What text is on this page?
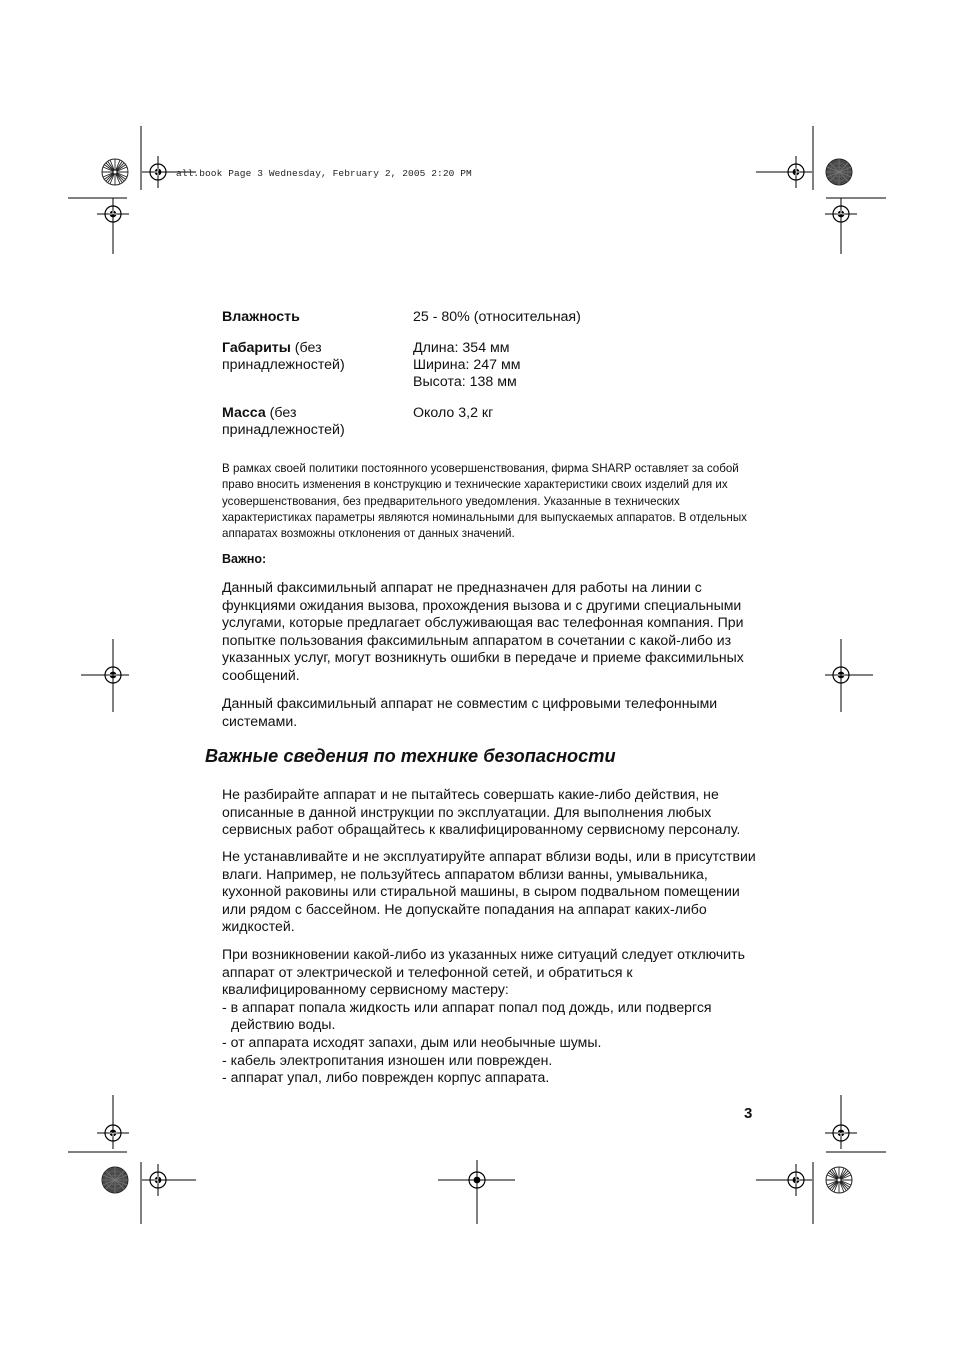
all.book Page 3 Wednesday, February 2, 2005 2:20 PM
Влажность	25 - 80% (относительная)
Габариты (без принадлежностей)
Длина: 354 мм
Ширина: 247 мм
Высота: 138 мм
Масса (без принадлежностей)
Около 3,2 кг
В рамках своей политики постоянного усовершенствования, фирма SHARP оставляет за собой право вносить изменения в конструкцию и технические характеристики своих изделий для их усовершенствования, без предварительного уведомления. Указанные в технических характеристиках параметры являются номинальными для выпускаемых аппаратов. В отдельных аппаратах возможны отклонения от данных значений.
Важно:
Данный факсимильный аппарат не предназначен для работы на линии с функциями ожидания вызова, прохождения вызова и с другими специальными услугами, которые предлагает обслуживающая вас телефонная компания. При попытке пользования факсимильным аппаратом в сочетании с какой-либо из указанных услуг, могут возникнуть ошибки в передаче и приеме факсимильных сообщений.
Данный факсимильный аппарат не совместим с цифровыми телефонными системами.
Важные сведения по технике безопасности
Не разбирайте аппарат и не пытайтесь совершать какие-либо действия, не описанные в данной инструкции по эксплуатации. Для выполнения любых сервисных работ обращайтесь к квалифицированному сервисному персоналу.
Не устанавливайте и не эксплуатируйте аппарат вблизи воды, или в присутствии влаги. Например, не пользуйтесь аппаратом вблизи ванны, умывальника, кухонной раковины или стиральной машины, в сыром подвальном помещении или рядом с бассейном. Не допускайте попадания на аппарат каких-либо жидкостей.
При возникновении какой-либо из указанных ниже ситуаций следует отключить аппарат от электрической и телефонной сетей, и обратиться к квалифицированному сервисному мастеру:
- в аппарат попала жидкость или аппарат попал под дождь, или подвергся действию воды.
- от аппарата исходят запахи, дым или необычные шумы.
- кабель электропитания изношен или поврежден.
- аппарат упал, либо поврежден корпус аппарата.
3
